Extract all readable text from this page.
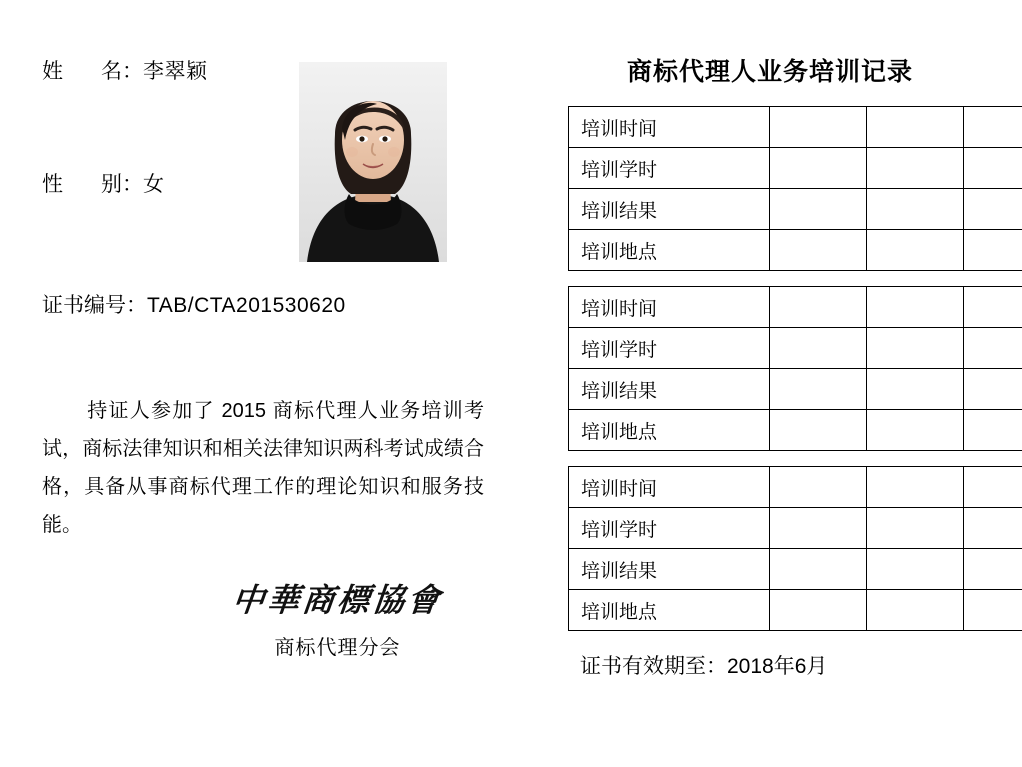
姓 名：李翠颖
性 别：女
证书编号：TAB/CTA201530620
持证人参加了 2015 商标代理人业务培训考试，商标法律知识和相关法律知识两科考试成绩合格，具备从事商标代理工作的理论知识和服务技能。
中華商標協會
商标代理分会
商标代理人业务培训记录
培训时间			
培训学时			
培训结果			
培训地点			
培训时间			
培训学时			
培训结果			
培训地点			
培训时间			
培训学时			
培训结果			
培训地点			
证书有效期至：2018年6月
